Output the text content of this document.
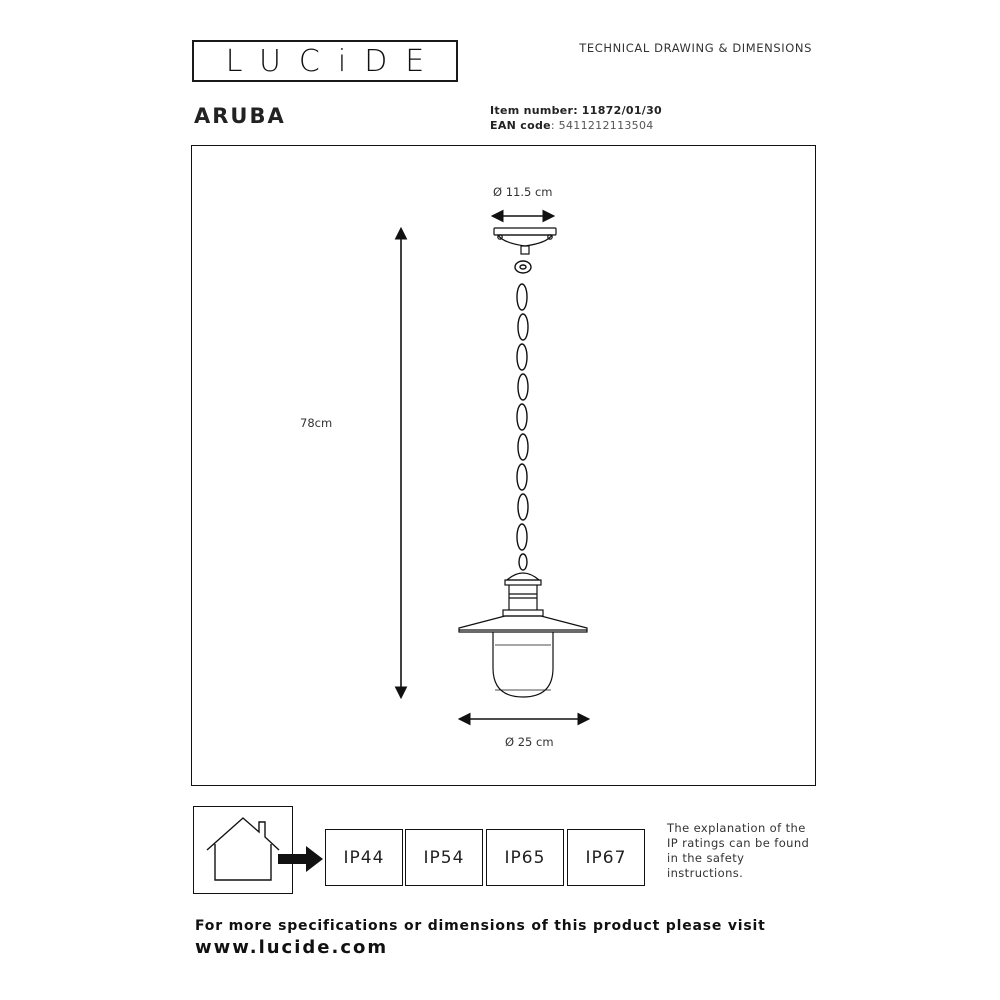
LUCiDE	TECHNICAL DRAWING & DIMENSIONS
ARUBA	Item number: 11872/01/30
EAN code: 5411212113504
Ø 11.5 cm
78cm
Ø 25 cm
IP44	IP54	IP65	IP67
The explanation of the IP ratings can be found in the safety instructions.
For more specifications or dimensions of this product please visit
www.lucide.com
